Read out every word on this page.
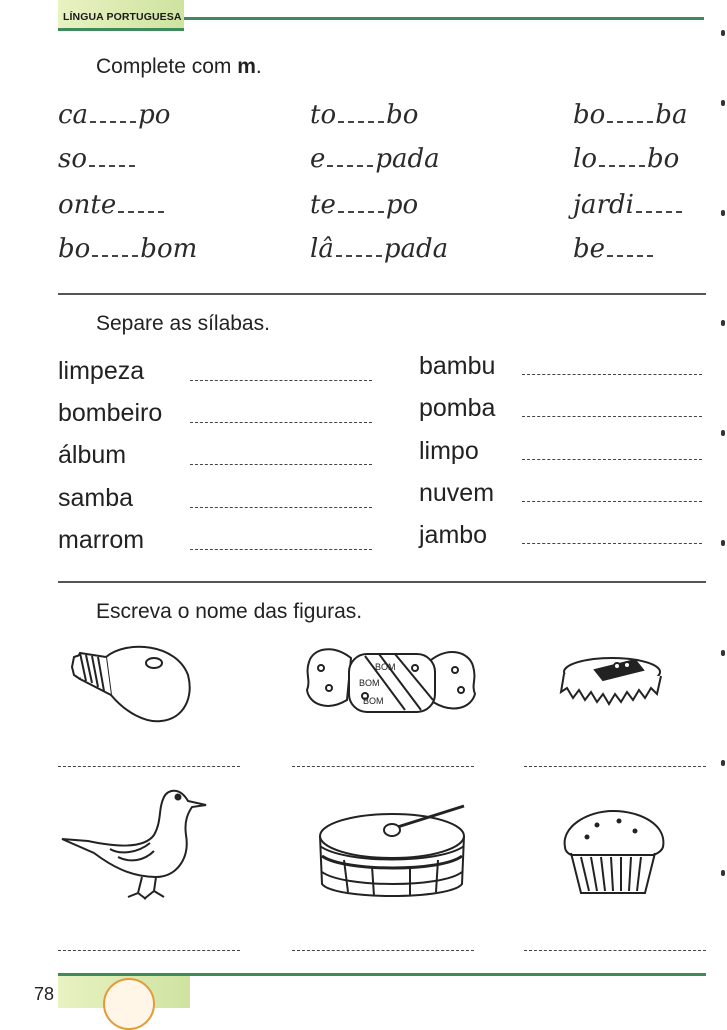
LÍNGUA PORTUGUESA
Complete com m.
ca po	to bo	bo ba
so	e pada	lo bo
onte	te po	jardi
bo bom	lâ pada	be
Separe as sílabas.
limpeza
bombeiro
álbum
samba
marrom
bambu
pomba
limpo
nuvem
jambo
Escreva o nome das figuras.
BOM
BOM
BOM
78
